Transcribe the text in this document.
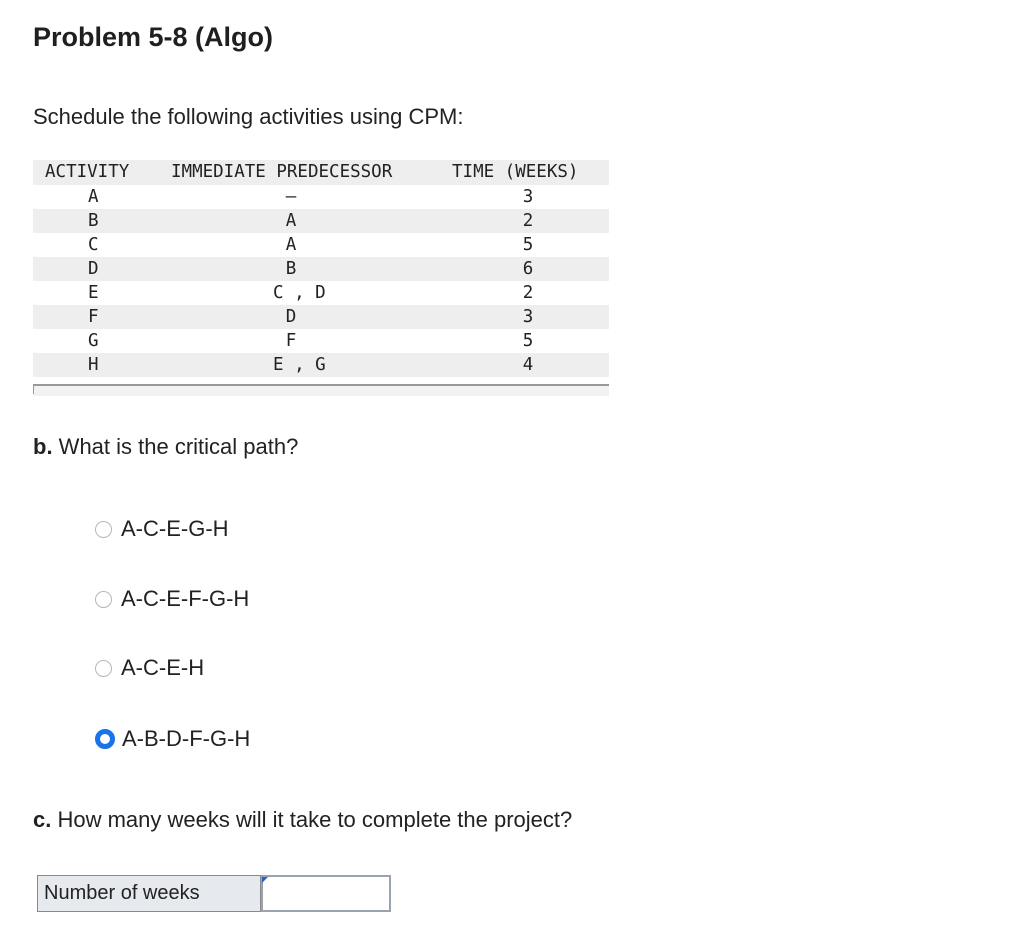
Problem 5-8 (Algo)
Schedule the following activities using CPM:
ACTIVITY IMMEDIATE PREDECESSOR	TIME (WEEKS)
A	—	3
B	A	2
C	A	5
D	B	6
E	C , D	2
F	D	3
G	F	5
H	E , G	4
b. What is the critical path?
A-C-E-G-H
A-C-E-F-G-H
A-C-E-H
A-B-D-F-G-H
c. How many weeks will it take to complete the project?
Number of weeks
